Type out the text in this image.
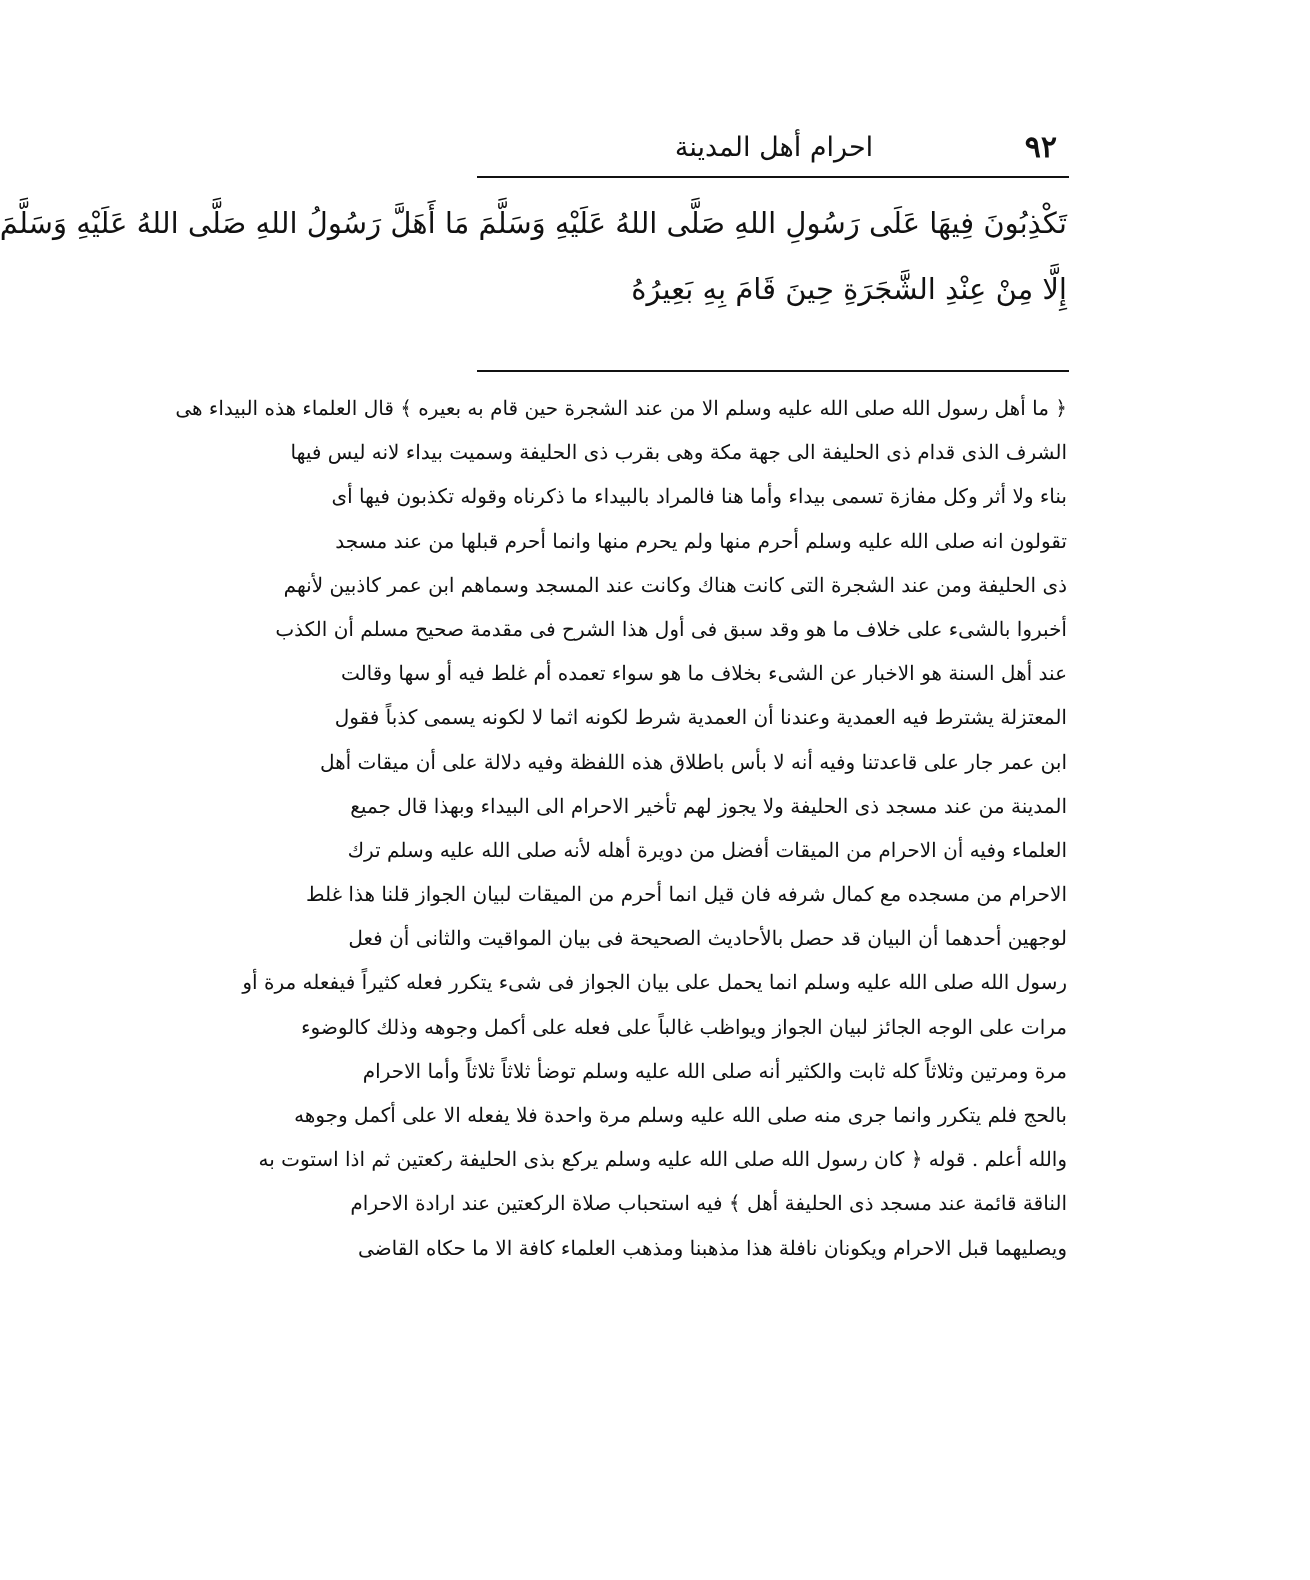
٩٢
احرام أهل المدينة
تَكْذِبُونَ فِيهَا عَلَى رَسُولِ اللهِ صَلَّى اللهُ عَلَيْهِ وَسَلَّمَ مَا أَهَلَّ رَسُولُ اللهِ صَلَّى اللهُ عَلَيْهِ وَسَلَّمَ
إِلَّا مِنْ عِنْدِ الشَّجَرَةِ حِينَ قَامَ بِهِ بَعِيرُهُ
﴿ ما أهل رسول الله صلى الله عليه وسلم الا من عند الشجرة حين قام به بعيره ﴾ قال العلماء هذه البيداء هى
الشرف الذى قدام ذى الحليفة الى جهة مكة وهى بقرب ذى الحليفة وسميت بيداء لانه ليس فيها
بناء ولا أثر وكل مفازة تسمى بيداء وأما هنا فالمراد بالبيداء ما ذكرناه وقوله تكذبون فيها أى
تقولون انه صلى الله عليه وسلم أحرم منها ولم يحرم منها وانما أحرم قبلها من عند مسجد
ذى الحليفة ومن عند الشجرة التى كانت هناك وكانت عند المسجد وسماهم ابن عمر كاذبين لأنهم
أخبروا بالشىء على خلاف ما هو وقد سبق فى أول هذا الشرح فى مقدمة صحيح مسلم أن الكذب
عند أهل السنة هو الاخبار عن الشىء بخلاف ما هو سواء تعمده أم غلط فيه أو سها وقالت
المعتزلة يشترط فيه العمدية وعندنا أن العمدية شرط لكونه اثما لا لكونه يسمى كذباً فقول
ابن عمر جار على قاعدتنا وفيه أنه لا بأس باطلاق هذه اللفظة وفيه دلالة على أن ميقات أهل
المدينة من عند مسجد ذى الحليفة ولا يجوز لهم تأخير الاحرام الى البيداء وبهذا قال جميع
العلماء وفيه أن الاحرام من الميقات أفضل من دويرة أهله لأنه صلى الله عليه وسلم ترك
الاحرام من مسجده مع كمال شرفه فان قيل انما أحرم من الميقات لبيان الجواز قلنا هذا غلط
لوجهين أحدهما أن البيان قد حصل بالأحاديث الصحيحة فى بيان المواقيت والثانى أن فعل
رسول الله صلى الله عليه وسلم انما يحمل على بيان الجواز فى شىء يتكرر فعله كثيراً فيفعله مرة أو
مرات على الوجه الجائز لبيان الجواز ويواظب غالباً على فعله على أكمل وجوهه وذلك كالوضوء
مرة ومرتين وثلاثاً كله ثابت والكثير أنه صلى الله عليه وسلم توضأ ثلاثاً ثلاثاً وأما الاحرام
بالحج فلم يتكرر وانما جرى منه صلى الله عليه وسلم مرة واحدة فلا يفعله الا على أكمل وجوهه
والله أعلم . قوله ﴿ كان رسول الله صلى الله عليه وسلم يركع بذى الحليفة ركعتين ثم اذا استوت به
الناقة قائمة عند مسجد ذى الحليفة أهل ﴾ فيه استحباب صلاة الركعتين عند ارادة الاحرام
ويصليهما قبل الاحرام ويكونان نافلة هذا مذهبنا ومذهب العلماء كافة الا ما حكاه القاضى
